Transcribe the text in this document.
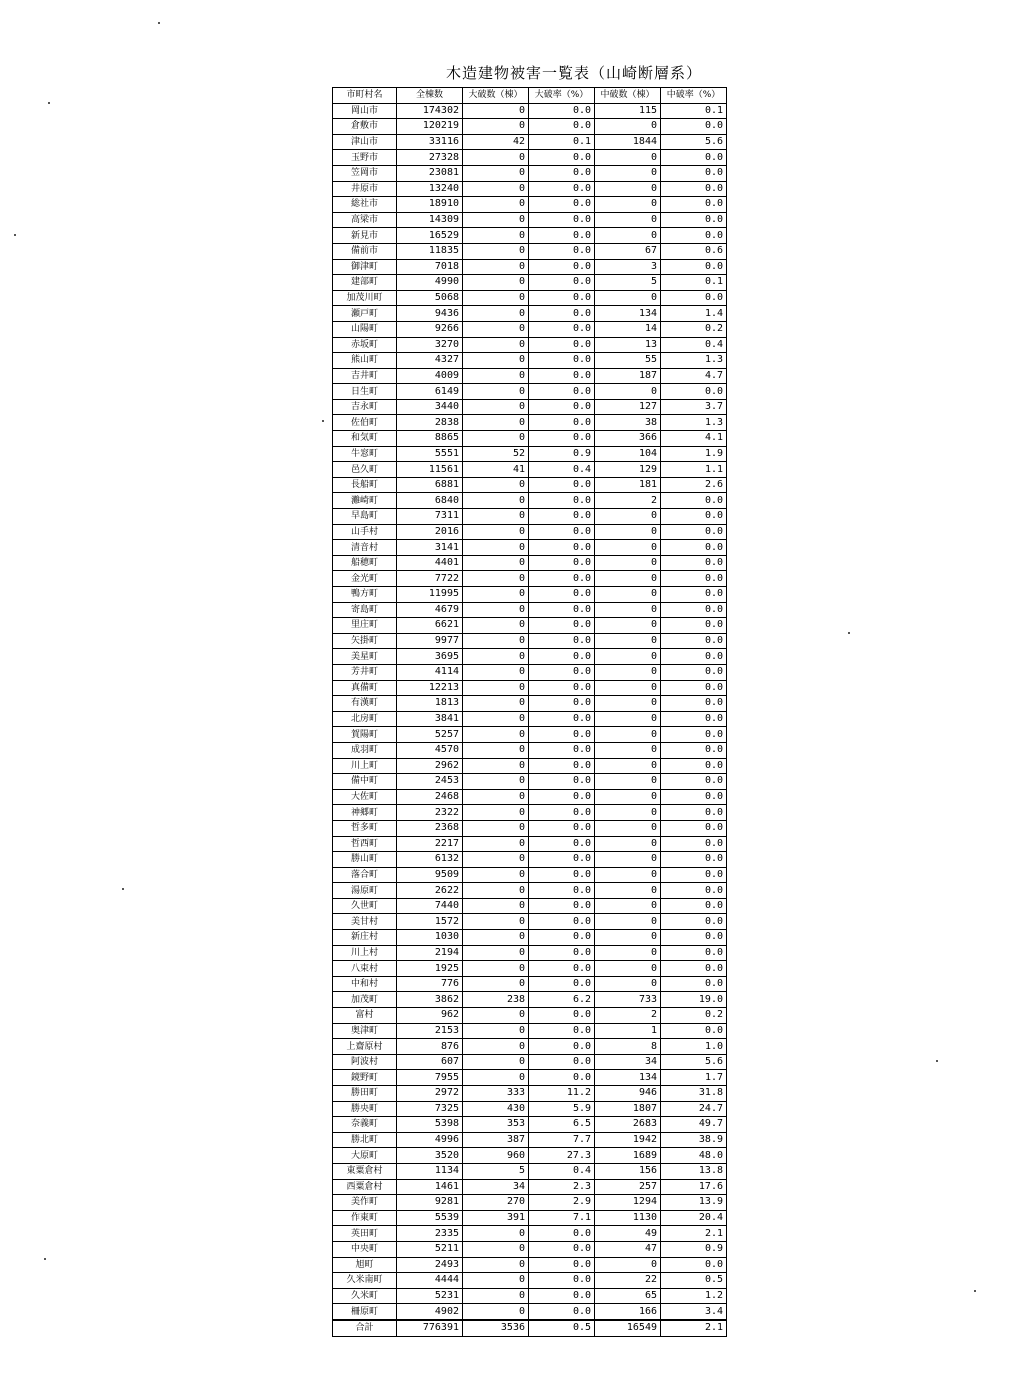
木造建物被害一覧表（山崎断層系）
市町村名	全棟数	大破数（棟）	大破率（%）	中破数（棟）	中破率（%）
岡山市	174302	0	0.0	115	0.1
倉敷市	120219	0	0.0	0	0.0
津山市	33116	42	0.1	1844	5.6
玉野市	27328	0	0.0	0	0.0
笠岡市	23081	0	0.0	0	0.0
井原市	13240	0	0.0	0	0.0
総社市	18910	0	0.0	0	0.0
高梁市	14309	0	0.0	0	0.0
新見市	16529	0	0.0	0	0.0
備前市	11835	0	0.0	67	0.6
御津町	7018	0	0.0	3	0.0
建部町	4990	0	0.0	5	0.1
加茂川町	5068	0	0.0	0	0.0
瀬戸町	9436	0	0.0	134	1.4
山陽町	9266	0	0.0	14	0.2
赤坂町	3270	0	0.0	13	0.4
熊山町	4327	0	0.0	55	1.3
吉井町	4009	0	0.0	187	4.7
日生町	6149	0	0.0	0	0.0
吉永町	3440	0	0.0	127	3.7
佐伯町	2838	0	0.0	38	1.3
和気町	8865	0	0.0	366	4.1
牛窓町	5551	52	0.9	104	1.9
邑久町	11561	41	0.4	129	1.1
長船町	6881	0	0.0	181	2.6
灘崎町	6840	0	0.0	2	0.0
早島町	7311	0	0.0	0	0.0
山手村	2016	0	0.0	0	0.0
清音村	3141	0	0.0	0	0.0
船穂町	4401	0	0.0	0	0.0
金光町	7722	0	0.0	0	0.0
鴨方町	11995	0	0.0	0	0.0
寄島町	4679	0	0.0	0	0.0
里庄町	6621	0	0.0	0	0.0
矢掛町	9977	0	0.0	0	0.0
美星町	3695	0	0.0	0	0.0
芳井町	4114	0	0.0	0	0.0
真備町	12213	0	0.0	0	0.0
有漢町	1813	0	0.0	0	0.0
北房町	3841	0	0.0	0	0.0
賀陽町	5257	0	0.0	0	0.0
成羽町	4570	0	0.0	0	0.0
川上町	2962	0	0.0	0	0.0
備中町	2453	0	0.0	0	0.0
大佐町	2468	0	0.0	0	0.0
神郷町	2322	0	0.0	0	0.0
哲多町	2368	0	0.0	0	0.0
哲西町	2217	0	0.0	0	0.0
勝山町	6132	0	0.0	0	0.0
落合町	9509	0	0.0	0	0.0
湯原町	2622	0	0.0	0	0.0
久世町	7440	0	0.0	0	0.0
美甘村	1572	0	0.0	0	0.0
新庄村	1030	0	0.0	0	0.0
川上村	2194	0	0.0	0	0.0
八束村	1925	0	0.0	0	0.0
中和村	776	0	0.0	0	0.0
加茂町	3862	238	6.2	733	19.0
富村	962	0	0.0	2	0.2
奥津町	2153	0	0.0	1	0.0
上齋原村	876	0	0.0	8	1.0
阿波村	607	0	0.0	34	5.6
鏡野町	7955	0	0.0	134	1.7
勝田町	2972	333	11.2	946	31.8
勝央町	7325	430	5.9	1807	24.7
奈義町	5398	353	6.5	2683	49.7
勝北町	4996	387	7.7	1942	38.9
大原町	3520	960	27.3	1689	48.0
東粟倉村	1134	5	0.4	156	13.8
西粟倉村	1461	34	2.3	257	17.6
美作町	9281	270	2.9	1294	13.9
作東町	5539	391	7.1	1130	20.4
英田町	2335	0	0.0	49	2.1
中央町	5211	0	0.0	47	0.9
旭町	2493	0	0.0	0	0.0
久米南町	4444	0	0.0	22	0.5
久米町	5231	0	0.0	65	1.2
柵原町	4902	0	0.0	166	3.4
合計	776391	3536	0.5	16549	2.1
